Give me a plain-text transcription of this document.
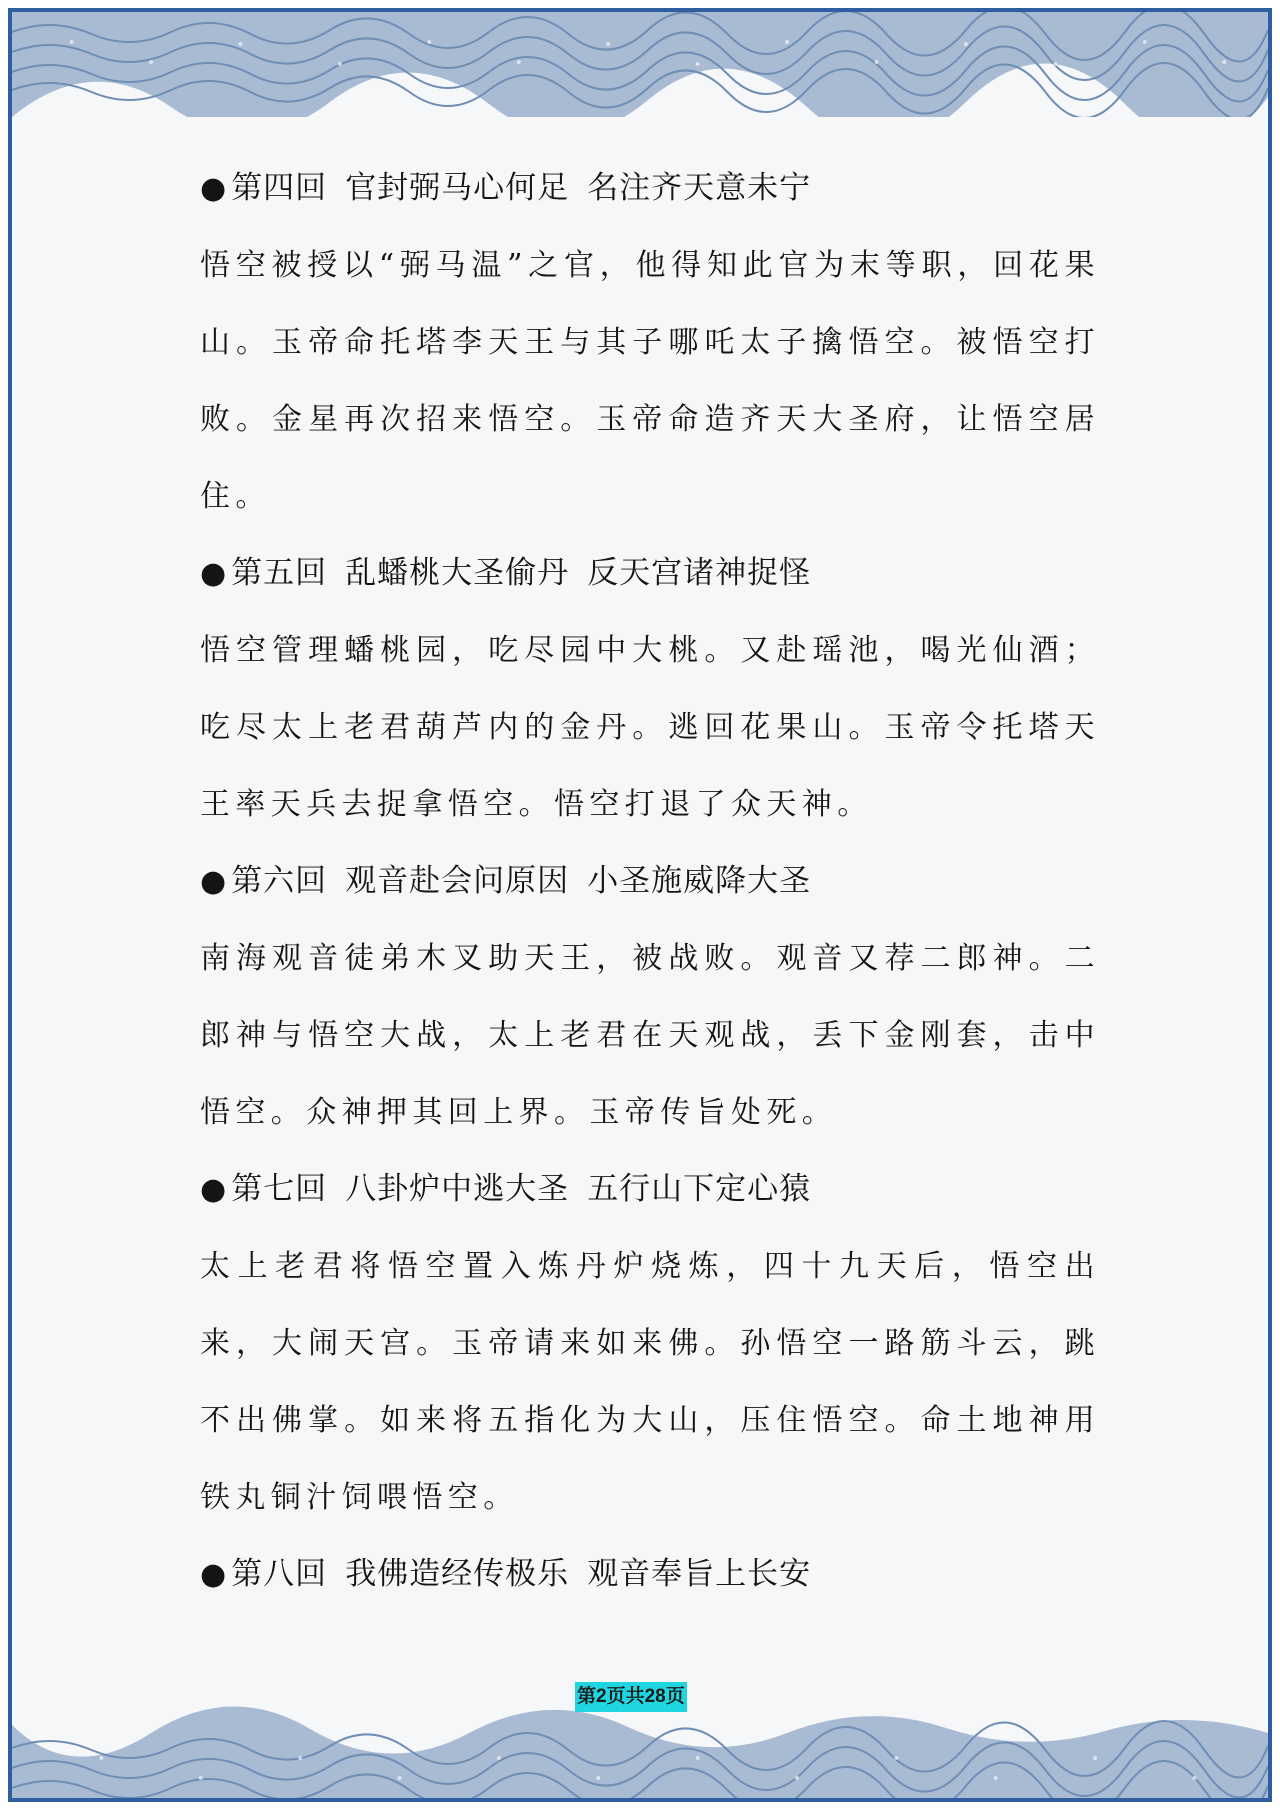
● 第四回 官封弼马心何足 名注齐天意未宁

悟空被授以“弼马温”之官，他得知此官为末等职，回花果山。玉帝命托塔李天王与其子哪吒太子擒悟空。被悟空打败。金星再次招来悟空。玉帝命造齐天大圣府，让悟空居住。

● 第五回 乱蟠桃大圣偷丹 反天宫诸神捉怪

悟空管理蟠桃园，吃尽园中大桃。又赴瑶池，喝光仙酒；吃尽太上老君葫芦内的金丹。逃回花果山。玉帝令托塔天王率天兵去捉拿悟空。悟空打退了众天神。

● 第六回 观音赴会问原因 小圣施威降大圣

南海观音徒弟木叉助天王，被战败。观音又荐二郎神。二郎神与悟空大战，太上老君在天观战，丢下金刚套，击中悟空。众神押其回上界。玉帝传旨处死。

● 第七回 八卦炉中逃大圣 五行山下定心猿

太上老君将悟空置入炼丹炉烧炼，四十九天后，悟空出来，大闹天宫。玉帝请来如来佛。孙悟空一路筋斗云，跳不出佛掌。如来将五指化为大山，压住悟空。命土地神用铁丸铜汁饲喂悟空。

● 第八回 我佛造经传极乐 观音奉旨上长安
第2页共28页
